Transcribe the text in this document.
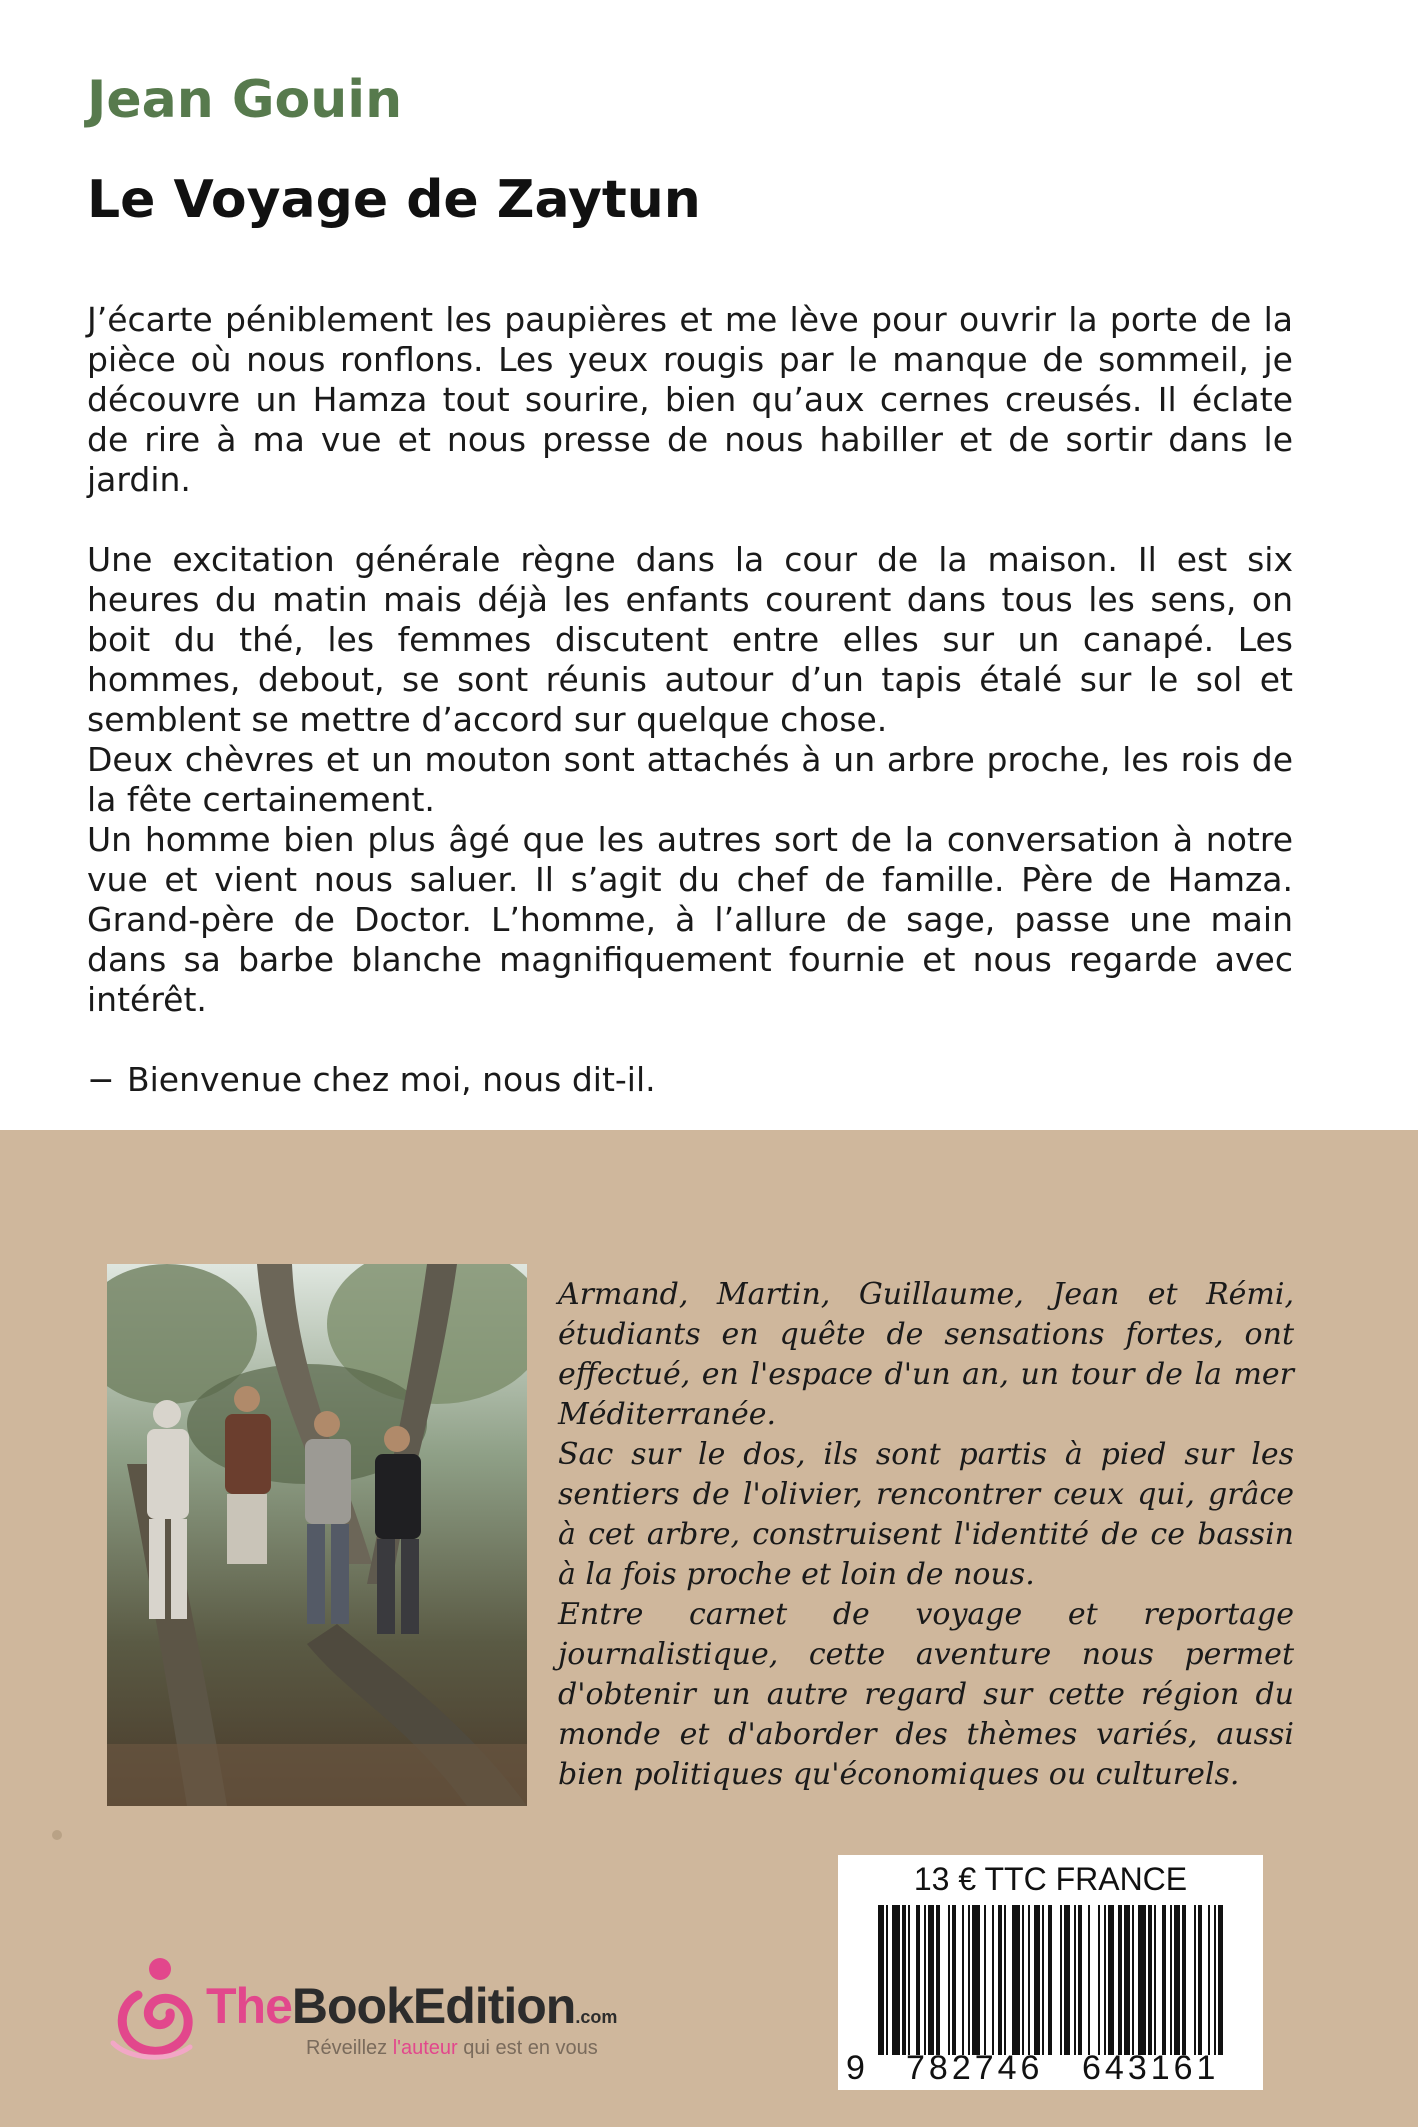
Jean Gouin
Le Voyage de Zaytun

J’écarte péniblement les paupières et me lève pour ouvrir la porte de la pièce où nous ronflons. Les yeux rougis par le manque de sommeil, je découvre un Hamza tout sourire, bien qu’aux cernes creusés. Il éclate de rire à ma vue et nous presse de nous habiller et de sortir dans le jardin.

Une excitation générale règne dans la cour de la maison. Il est six heures du matin mais déjà les enfants courent dans tous les sens, on boit du thé, les femmes discutent entre elles sur un canapé. Les hommes, debout, se sont réunis autour d’un tapis étalé sur le sol et semblent se mettre d’accord sur quelque chose.

Deux chèvres et un mouton sont attachés à un arbre proche, les rois de la fête certainement.

Un homme bien plus âgé que les autres sort de la conversation à notre vue et vient nous saluer. Il s’agit du chef de famille. Père de Hamza. Grand-père de Doctor. L’homme, à l’allure de sage, passe une main dans sa barbe blanche magnifiquement fournie et nous regarde avec intérêt.

− Bienvenue chez moi, nous dit-il.

Armand, Martin, Guillaume, Jean et Rémi, étudiants en quête de sensations fortes, ont effectué, en l'espace d'un an, un tour de la mer Méditerranée.

Sac sur le dos, ils sont partis à pied sur les sentiers de l'olivier, rencontrer ceux qui, grâce à cet arbre, construisent l'identité de ce bassin à la fois proche et loin de nous.

Entre carnet de voyage et reportage journalistique, cette aventure nous permet d'obtenir un autre regard sur cette région du monde et d'aborder des thèmes variés, aussi bien politiques qu'économiques ou culturels.

13 € TTC FRANCE
9 782746 643161
TheBookEdition.com
Réveillez l'auteur qui est en vous
